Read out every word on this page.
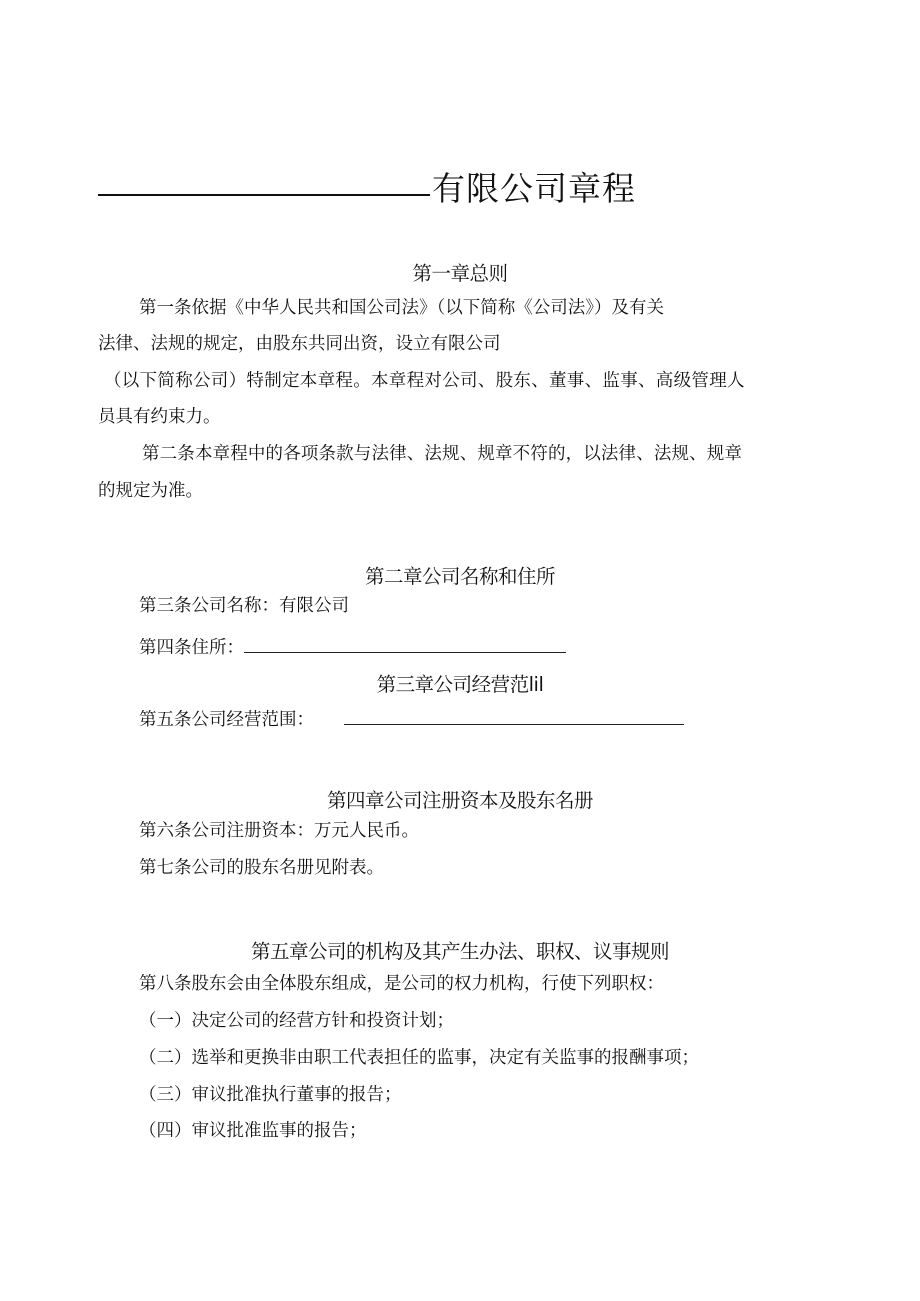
有限公司章程
第一章总则
第一条依据《中华人民共和国公司法》（以下简称《公司法》）及有关
法律、法规的规定，由股东共同出资，设立有限公司
（以下简称公司）特制定本章程。本章程对公司、股东、董事、监事、高级管理人
员具有约束力。
第二条本章程中的各项条款与法律、法规、规章不符的，以法律、法规、规章
的规定为准。
第二章公司名称和住所
第三条公司名称：有限公司
第四条住所：
第三章公司经营范lil
第五条公司经营范围：
第四章公司注册资本及股东名册
第六条公司注册资本：万元人民币。
第七条公司的股东名册见附表。
第五章公司的机构及其产生办法、职权、议事规则
第八条股东会由全体股东组成，是公司的权力机构，行使下列职权：
（一）决定公司的经营方针和投资计划；
（二）选举和更换非由职工代表担任的监事，决定有关监事的报酬事项；
（三）审议批准执行董事的报告；
（四）审议批准监事的报告；
